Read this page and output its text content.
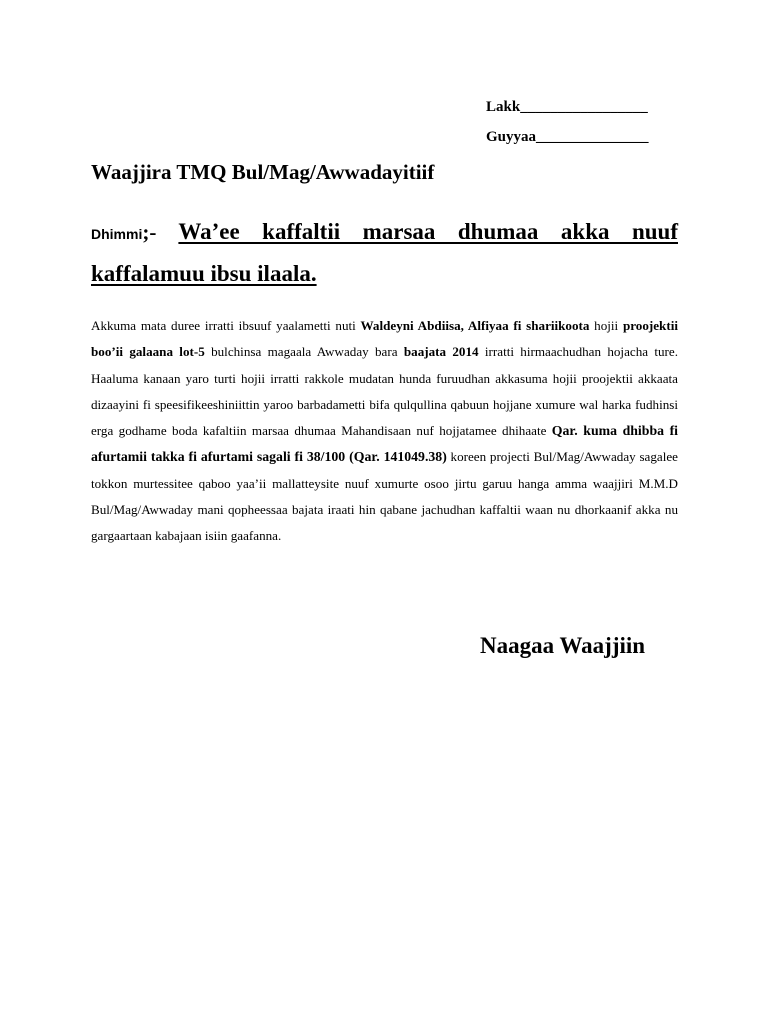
Lakk_________________
Guyyaa_______________
Waajjira TMQ Bul/Mag/Awwadayitiif
Dhimmi;- Wa’ee kaffaltii marsaa dhumaa akka nuuf kaffalamuu ibsu ilaala.
Akkuma mata duree irratti ibsuuf yaalametti nuti Waldeyni Abdiisa, Alfiyaa fi shariikoota hojii proojektii boo’ii galaana lot-5 bulchinsa magaala Awwaday bara baajata 2014 irratti hirmaachudhan hojacha ture. Haaluma kanaan yaro turti hojii irratti rakkole mudatan hunda furuudhan akkasuma hojii proojektii akkaata dizaayini fi speesifikeeshiniittin yaroo barbadametti bifa qulqullina qabuun hojjane xumure wal harka fudhinsi erga godhame boda kafaltiin marsaa dhumaa Mahandisaan nuf hojjatamee dhihaate Qar. kuma dhibba fi afurtamii takka fi afurtami sagali fi 38/100 (Qar. 141049.38) koreen projecti Bul/Mag/Awwaday sagalee tokkon murtessitee qaboo yaa’ii mallatteysite nuuf xumurte osoo jirtu garuu hanga amma waajjiri M.M.D Bul/Mag/Awwaday mani qopheessaa bajata iraati hin qabane jachudhan kaffaltii waan nu dhorkaanif akka nu gargaartaan kabajaan isiin gaafanna.
Naagaa Waajjiin
